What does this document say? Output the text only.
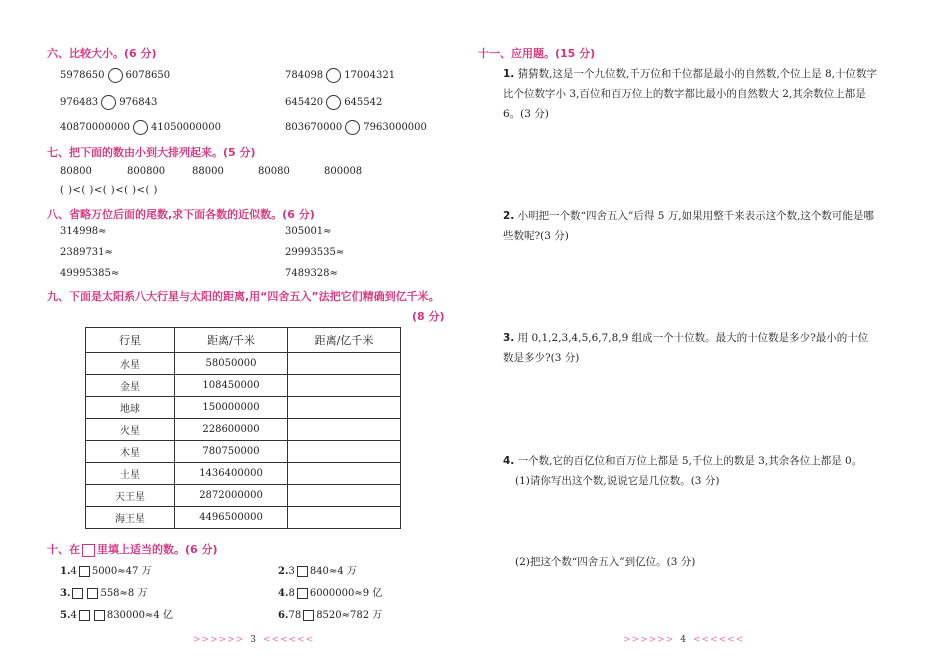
六、比较大小。(6 分)
5978650 6078650	784098 17004321
976483 976843	645420 645542
40870000000 41050000000	803670000 7963000000
七、把下面的数由小到大排列起来。(5 分)
80800	800800	88000	80080	800008
( )<( )<( )<( )<( )
八、省略万位后面的尾数,求下面各数的近似数。(6 分)
314998≈	305001≈
2389731≈	29993535≈
49995385≈	7489328≈
九、下面是太阳系八大行星与太阳的距离,用“四舍五入”法把它们精确到亿千米。
(8 分)
行星	距离/千米	距离/亿千米
水星	58050000	
金星	108450000	
地球	150000000	
火星	228600000	
木星	780750000	
土星	1436400000	
天王星	2872000000	
海王星	4496500000	
十、在 里填上适当的数。(6 分)
1.4 5000≈47 万	2.3 840≈4 万
3.	558≈8 万	4.8 6000000≈9 亿
5.4	830000≈4 亿	6.78 8520≈782 万
十一、应用题。(15 分)
1. 猜猜数,这是一个九位数,千万位和千位都是最小的自然数,个位上是 8,十位数字比个位数字小 3,百位和百万位上的数字都比最小的自然数大 2,其余数位上都是 6。(3 分)
2. 小明把一个数“四舍五入”后得 5 万,如果用整千来表示这个数,这个数可能是哪些数呢?(3 分)
3. 用 0,1,2,3,4,5,6,7,8,9 组成一个十位数。最大的十位数是多少?最小的十位数是多少?(3 分)
4. 一个数,它的百亿位和百万位上都是 5,千位上的数是 3,其余各位上都是 0。
(1)请你写出这个数,说说它是几位数。(3 分)
(2)把这个数“四舍五入”到亿位。(3 分)
>>>>>> 3 <<<<<<	>>>>>> 4 <<<<<<
